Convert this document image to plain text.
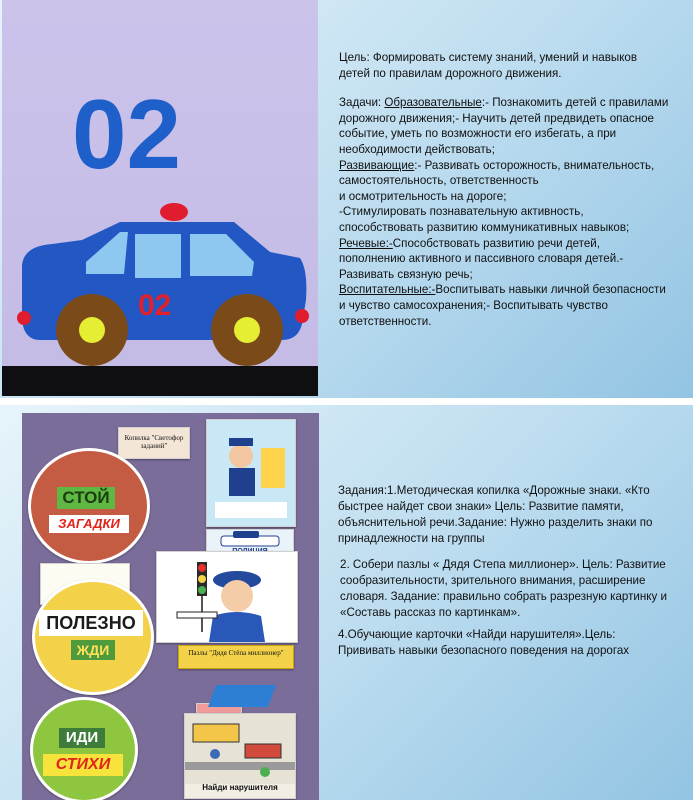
02
02

Цель: Формировать систему знаний, умений и навыков детей по правилам дорожного движения.

Задачи: Образовательные:- Познакомить детей с правилами дорожного движения;- Научить детей предвидеть опасное событие, уметь по возможности его избегать, а при необходимости действовать;

Развивающие:- Развивать осторожность, внимательность, самостоятельность, ответственность

и осмотрительность на дороге;

-Стимулировать познавательную активность, способствовать развитию коммуникативных навыков;

Речевые:-Способствовать развитию речи детей, пополнению активного и пассивного словаря детей.- Развивать связную речь;

Воспитательные:-Воспитывать навыки личной безопасности и чувство самосохранения;- Воспитывать чувство ответственности.

Копилка "Светофор заданий"
СТОЙ
ЗАГАДКИ
ПОЛЕЗНО
ЖДИ
ИДИ
СТИХИ
Пазлы "Дядя Стёпа миллионер"
Найди нарушителя

Задания:1.Методическая копилка «Дорожные знаки. «Кто быстрее найдет свои знаки» Цель: Развитие памяти, объяснительной речи.Задание: Нужно разделить знаки по принадлежности на группы

2. Собери пазлы « Дядя Степа миллионер». Цель: Развитие сообразительности, зрительного внимания, расширение словаря. Задание: правильно собрать разрезную картинку и «Составь рассказ по картинкам».

4.Обучающие карточки «Найди нарушителя».Цель: Прививать навыки безопасного поведения на дорогах
